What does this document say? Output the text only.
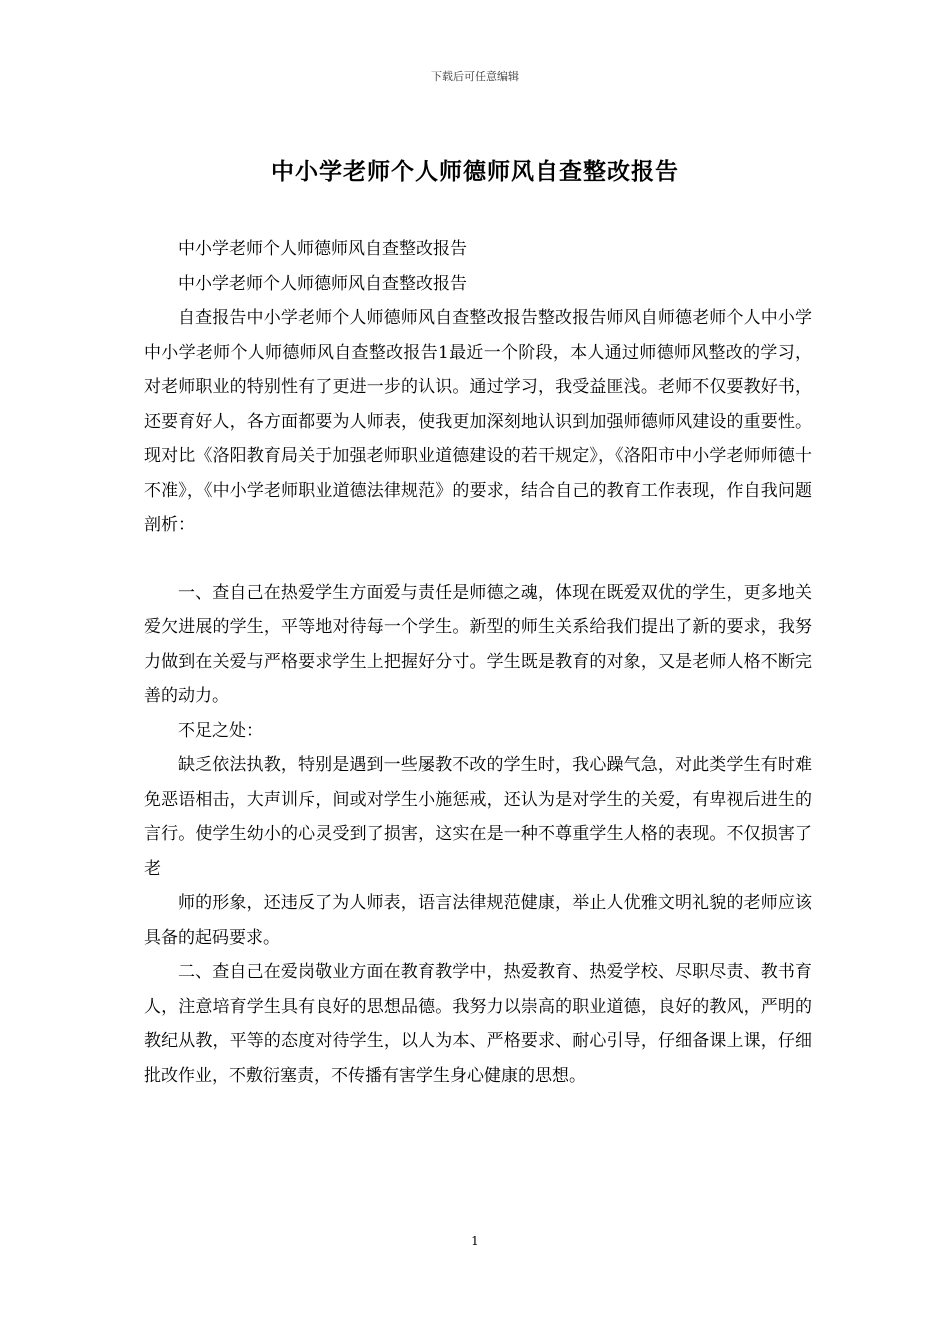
下载后可任意编辑
中小学老师个人师德师风自查整改报告

中小学老师个人师德师风自查整改报告

中小学老师个人师德师风自查整改报告

自查报告中小学老师个人师德师风自查整改报告整改报告师风自师德老师个人中小学中小学老师个人师德师风自查整改报告1最近一个阶段，本人通过师德师风整改的学习，对老师职业的特别性有了更进一步的认识。通过学习，我受益匪浅。老师不仅要教好书，还要育好人，各方面都要为人师表，使我更加深刻地认识到加强师德师风建设的重要性。现对比《洛阳教育局关于加强老师职业道德建设的若干规定》，《洛阳市中小学老师师德十不准》，《中小学老师职业道德法律规范》的要求，结合自己的教育工作表现，作自我问题剖析：

一、查自己在热爱学生方面爱与责任是师德之魂，体现在既爱双优的学生，更多地关爱欠进展的学生，平等地对待每一个学生。新型的师生关系给我们提出了新的要求，我努力做到在关爱与严格要求学生上把握好分寸。学生既是教育的对象，又是老师人格不断完善的动力。

不足之处：

缺乏依法执教，特别是遇到一些屡教不改的学生时，我心躁气急，对此类学生有时难免恶语相击，大声训斥，间或对学生小施惩戒，还认为是对学生的关爱，有卑视后进生的言行。使学生幼小的心灵受到了损害，这实在是一种不尊重学生人格的表现。不仅损害了老

师的形象，还违反了为人师表，语言法律规范健康，举止人优雅文明礼貌的老师应该具备的起码要求。

二、查自己在爱岗敬业方面在教育教学中，热爱教育、热爱学校、尽职尽责、教书育人，注意培育学生具有良好的思想品德。我努力以崇高的职业道德，良好的教风，严明的教纪从教，平等的态度对待学生，以人为本、严格要求、耐心引导，仔细备课上课，仔细批改作业，不敷衍塞责，不传播有害学生身心健康的思想。

1
